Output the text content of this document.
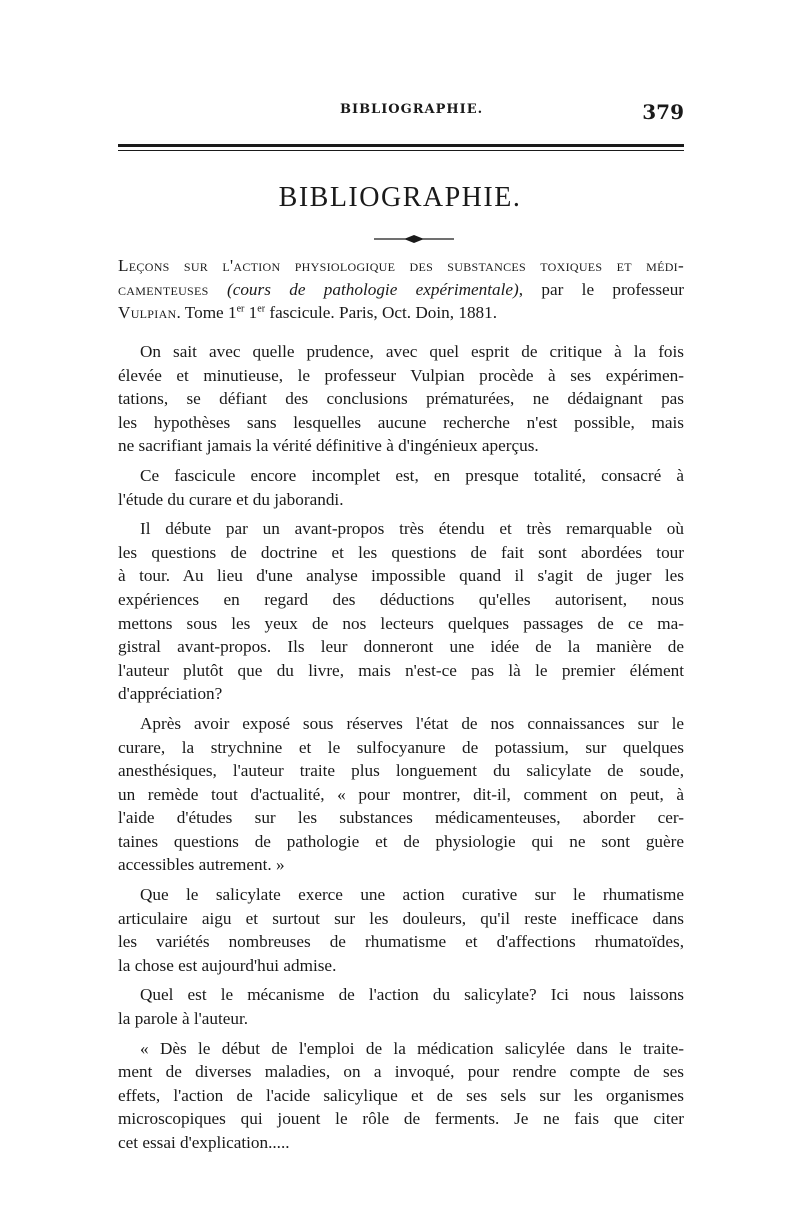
BIBLIOGRAPHIE.	379
BIBLIOGRAPHIE.
Leçons sur l'action physiologique des substances toxiques et médi-
camenteuses (cours de pathologie expérimentale), par le professeur
Vulpian. Tome 1er 1er fascicule. Paris, Oct. Doin, 1881.

On sait avec quelle prudence, avec quel esprit de critique à la fois
élevée et minutieuse, le professeur Vulpian procède à ses expérimen-
tations, se défiant des conclusions prématurées, ne dédaignant pas
les hypothèses sans lesquelles aucune recherche n'est possible, mais
ne sacrifiant jamais la vérité définitive à d'ingénieux aperçus.

Ce fascicule encore incomplet est, en presque totalité, consacré à
l'étude du curare et du jaborandi.

Il débute par un avant-propos très étendu et très remarquable où
les questions de doctrine et les questions de fait sont abordées tour
à tour. Au lieu d'une analyse impossible quand il s'agit de juger les
expériences en regard des déductions qu'elles autorisent, nous
mettons sous les yeux de nos lecteurs quelques passages de ce ma-
gistral avant-propos. Ils leur donneront une idée de la manière de
l'auteur plutôt que du livre, mais n'est-ce pas là le premier élément
d'appréciation?

Après avoir exposé sous réserves l'état de nos connaissances sur le
curare, la strychnine et le sulfocyanure de potassium, sur quelques
anesthésiques, l'auteur traite plus longuement du salicylate de soude,
un remède tout d'actualité, « pour montrer, dit-il, comment on peut, à
l'aide d'études sur les substances médicamenteuses, aborder cer-
taines questions de pathologie et de physiologie qui ne sont guère
accessibles autrement. »

Que le salicylate exerce une action curative sur le rhumatisme
articulaire aigu et surtout sur les douleurs, qu'il reste inefficace dans
les variétés nombreuses de rhumatisme et d'affections rhumatoïdes,
la chose est aujourd'hui admise.

Quel est le mécanisme de l'action du salicylate? Ici nous laissons
la parole à l'auteur.

« Dès le début de l'emploi de la médication salicylée dans le traite-
ment de diverses maladies, on a invoqué, pour rendre compte de ses
effets, l'action de l'acide salicylique et de ses sels sur les organismes
microscopiques qui jouent le rôle de ferments. Je ne fais que citer
cet essai d'explication.....
